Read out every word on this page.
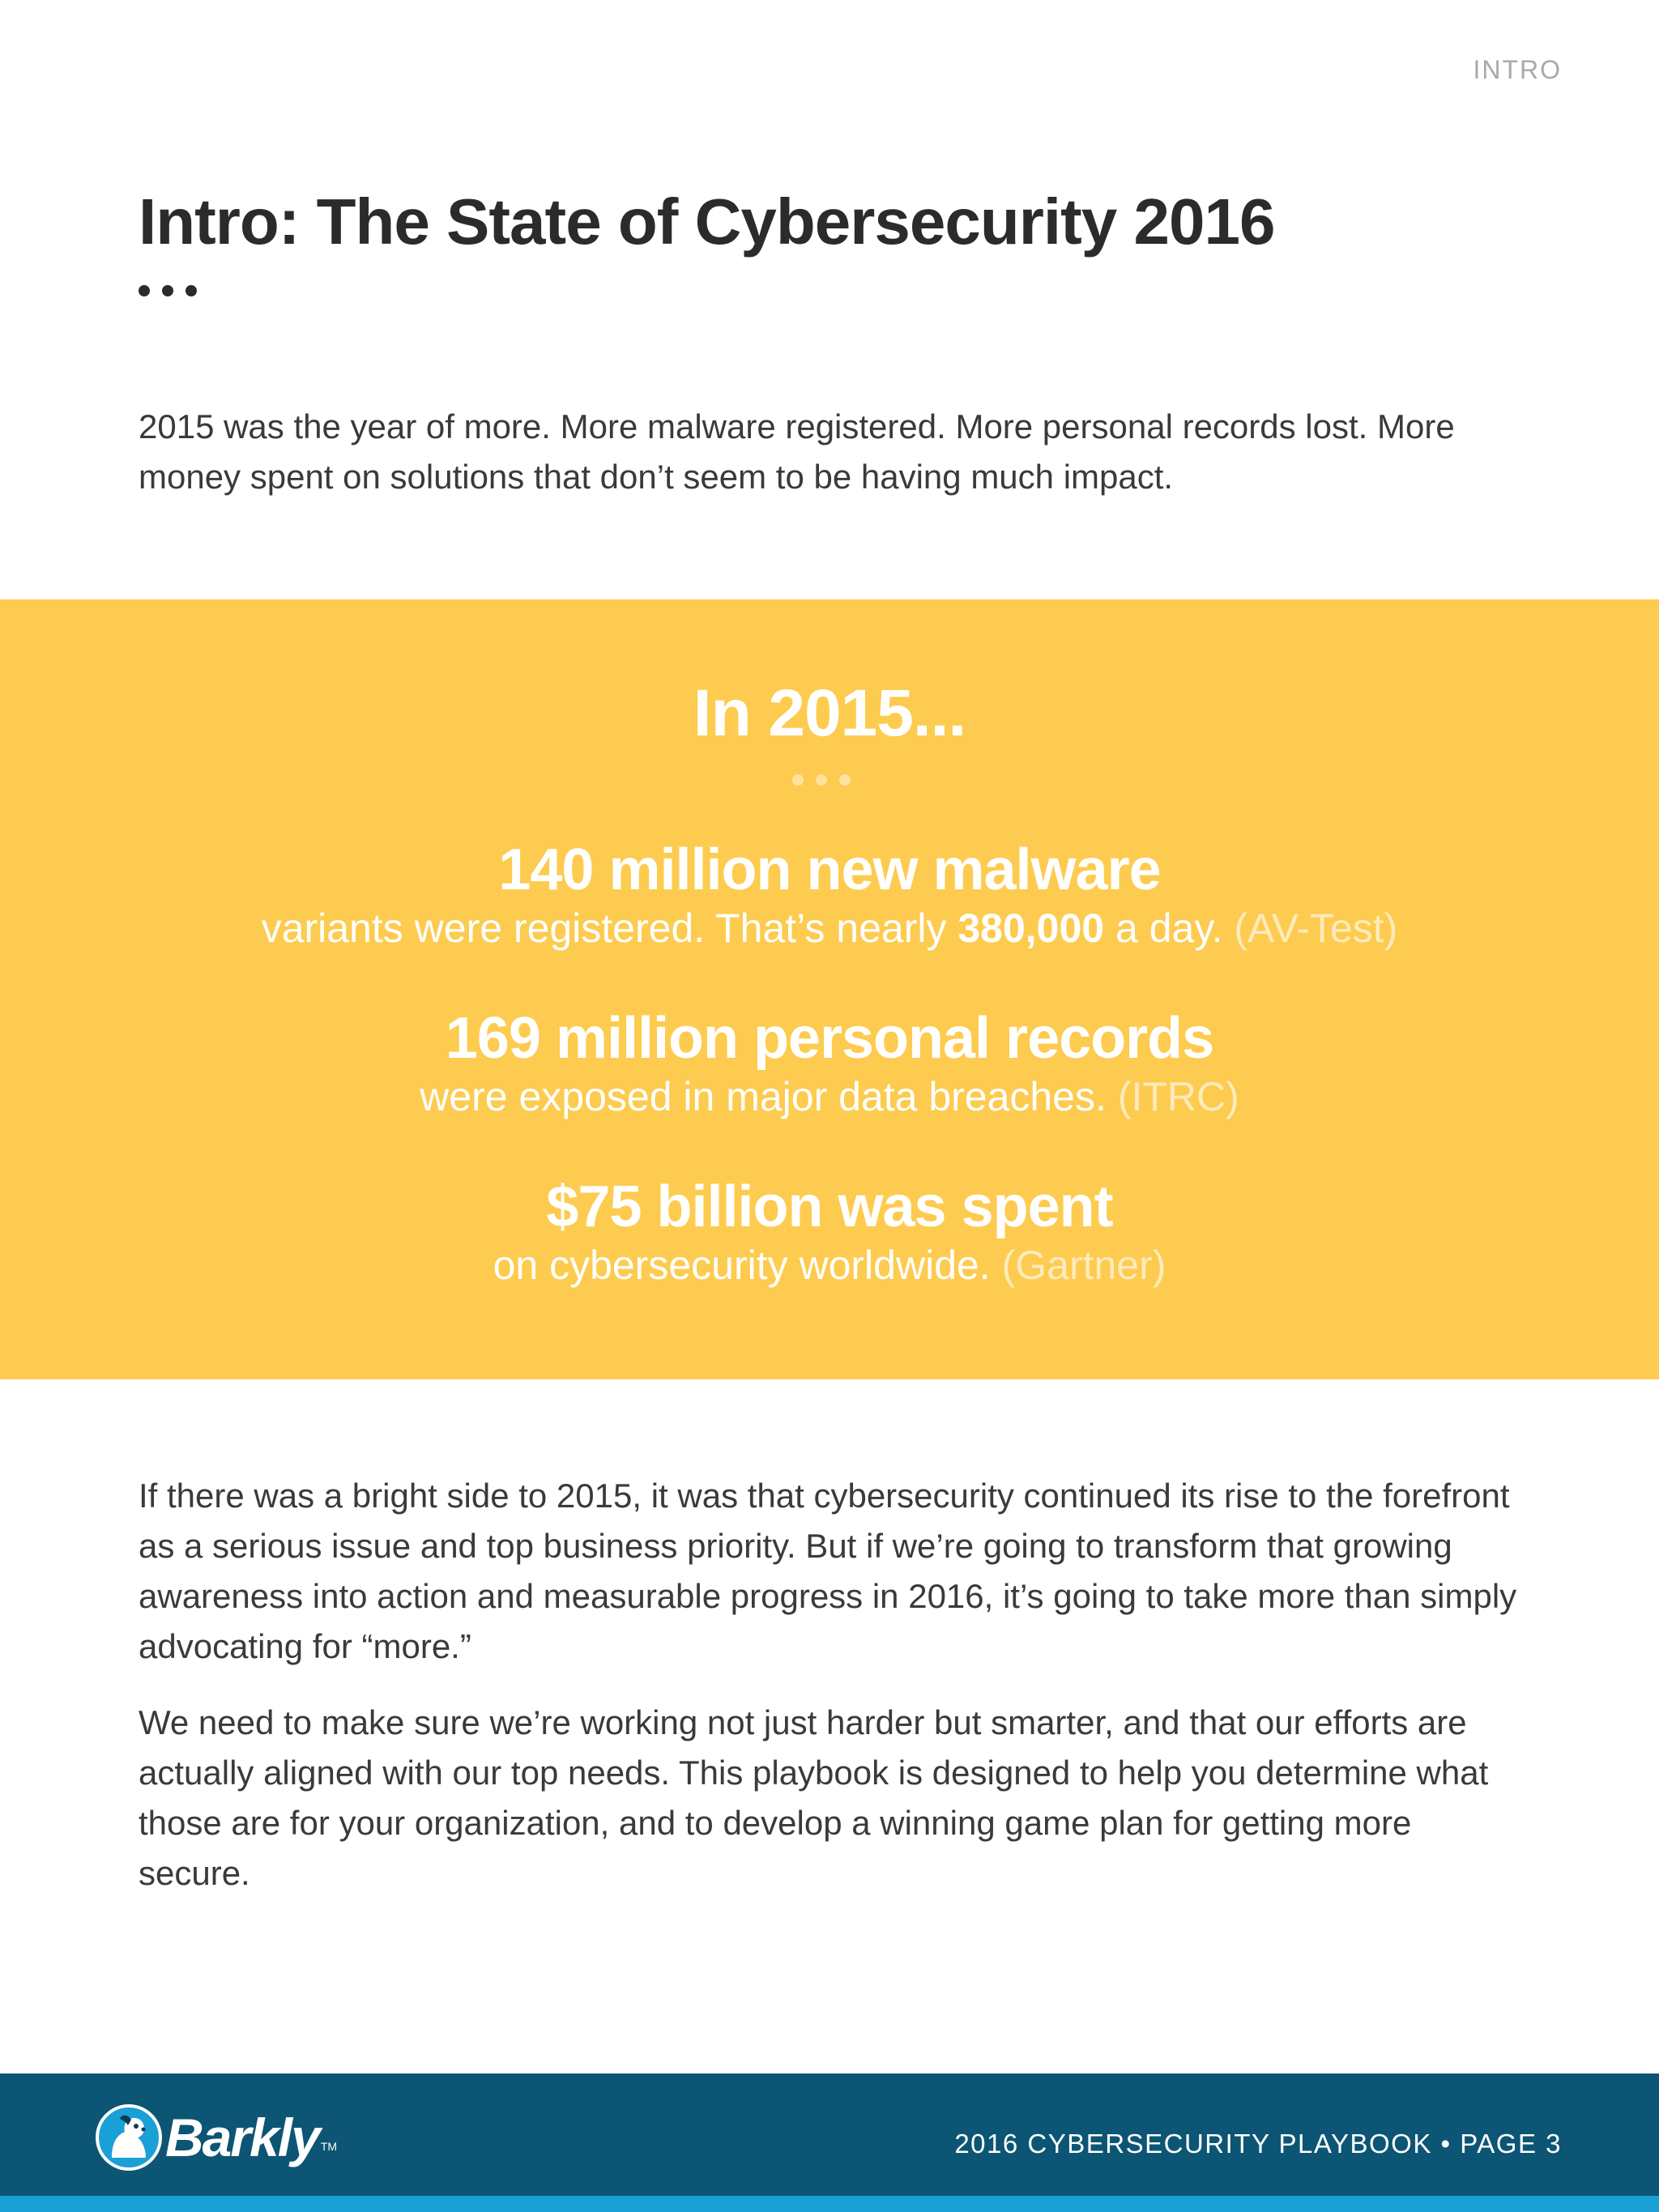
INTRO
Intro: The State of Cybersecurity 2016

2015 was the year of more. More malware registered. More personal records lost. More money spent on solutions that don’t seem to be having much impact.

In 2015...
140 million new malware
variants were registered. That’s nearly 380,000 a day. (AV-Test)
169 million personal records
were exposed in major data breaches. (ITRC)
$75 billion was spent
on cybersecurity worldwide. (Gartner)

If there was a bright side to 2015, it was that cybersecurity continued its rise to the forefront as a serious issue and top business priority. But if we’re going to transform that growing awareness into action and measurable progress in 2016, it’s going to take more than simply advocating for “more.”

We need to make sure we’re working not just harder but smarter, and that our efforts are actually aligned with our top needs. This playbook is designed to help you determine what those are for your organization, and to develop a winning game plan for getting more secure.

Barkly TM	2016 CYBERSECURITY PLAYBOOK • PAGE 3
